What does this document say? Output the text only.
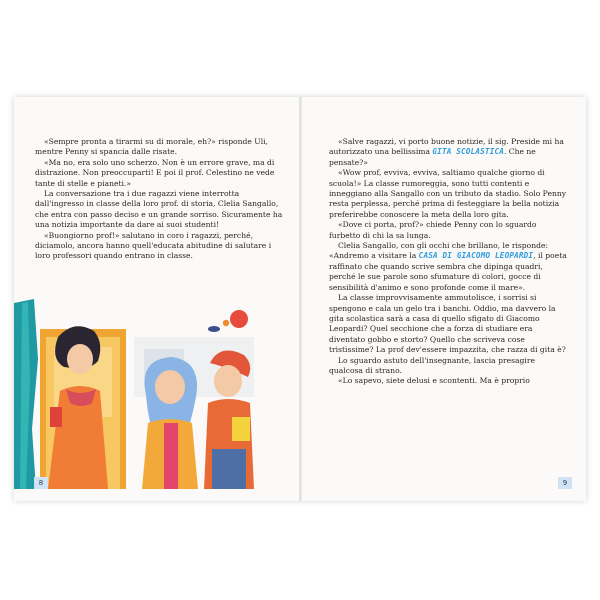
«Sempre pronta a tirarmi su di morale, eh?» risponde Uli, mentre Penny si spancia dalle risate.

«Ma no, era solo uno scherzo. Non è un errore grave, ma di distrazione. Non preoccuparti! E poi il prof. Celestino ne vede tante di stelle e pianeti.»

La conversazione tra i due ragazzi viene interrotta dall'ingresso in classe della loro prof. di storia, Clelia Sangallo, che entra con passo deciso e un grande sorriso. Sicuramente ha una notizia importante da dare ai suoi studenti!

«Buongiorno prof!» salutano in coro i ragazzi, perché, diciamolo, ancora hanno quell'educata abitudine di salutare i loro professori quando entrano in classe.

8

«Salve ragazzi, vi porto buone notizie, il sig. Preside mi ha autorizzato una bellissima GITA SCOLASTICA. Che ne pensate?»

«Wow prof, evviva, evviva, saltiamo qualche giorno di scuola!» La classe rumoreggia, sono tutti contenti e inneggiano alla Sangallo con un tributo da stadio. Solo Penny resta perplessa, perché prima di festeggiare la bella notizia preferirebbe conoscere la meta della loro gita.

«Dove ci porta, prof?» chiede Penny con lo sguardo furbetto di chi la sa lunga.

Clelia Sangallo, con gli occhi che brillano, le risponde: «Andremo a visitare la CASA DI GIACOMO LEOPARDI, il poeta raffinato che quando scrive sembra che dipinga quadri, perché le sue parole sono sfumature di colori, gocce di sensibilità d'animo e sono profonde come il mare».

La classe improvvisamente ammutolisce, i sorrisi si spengono e cala un gelo tra i banchi. Oddio, ma davvero la gita scolastica sarà a casa di quello sfigato di Giacomo Leopardi? Quel secchione che a forza di studiare era diventato gobbo e storto? Quello che scriveva cose tristissime? La prof dev'essere impazzita, che razza di gita è?

Lo sguardo astuto dell'insegnante, lascia presagire qualcosa di strano.

«Lo sapevo, siete delusi e scontenti. Ma è proprio

9
